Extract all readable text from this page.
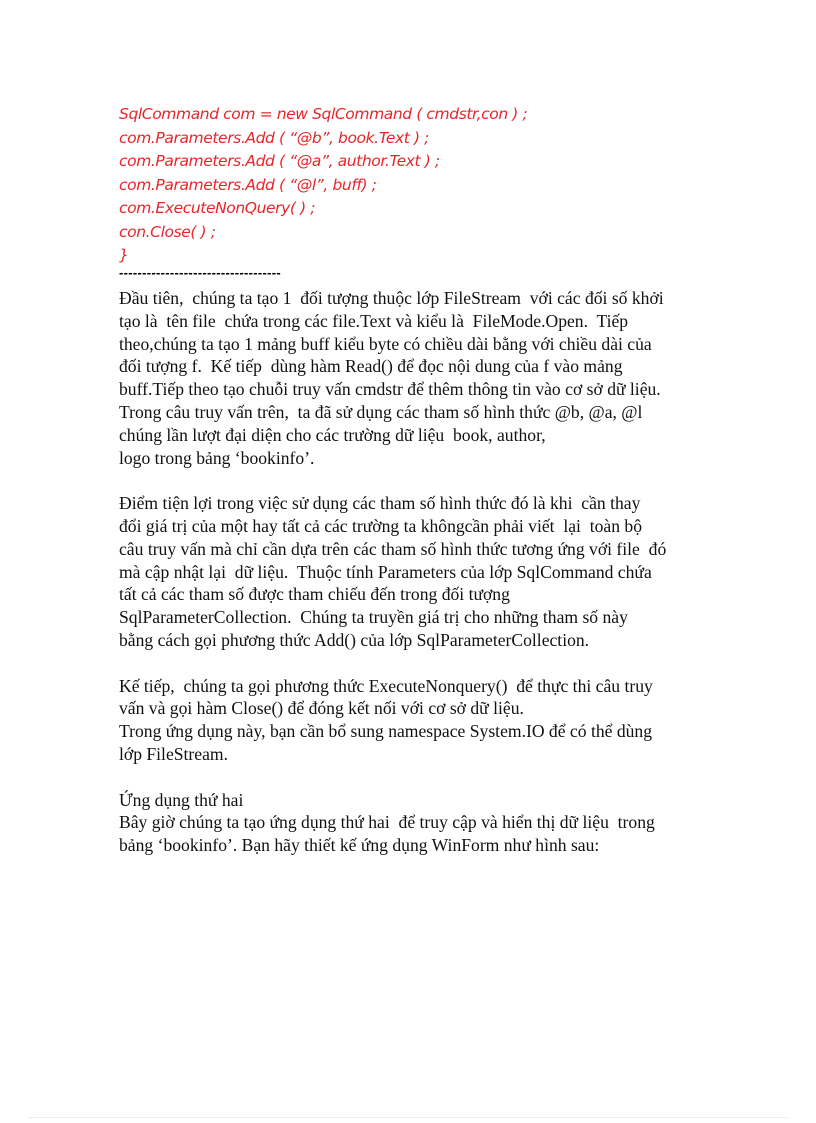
SqlCommand com = new SqlCommand ( cmdstr,con ) ;
com.Parameters.Add ( “@b”, book.Text ) ;
com.Parameters.Add ( “@a”, author.Text ) ;
com.Parameters.Add ( “@l”, buff) ;
com.ExecuteNonQuery( ) ;
con.Close( ) ;
}
-----------------------------------
Đầu tiên,  chúng ta tạo 1  đối tượng thuộc lớp FileStream  với các đối số khởi
tạo là  tên file  chứa trong các file.Text và kiểu là  FileMode.Open.  Tiếp
theo,chúng ta tạo 1 mảng buff kiểu byte có chiều dài bằng với chiều dài của
đối tượng f.  Kế tiếp  dùng hàm Read() để đọc nội dung của f vào mảng
buff.Tiếp theo tạo chuỗi truy vấn cmdstr để thêm thông tin vào cơ sở dữ liệu.
Trong câu truy vấn trên,  ta đã sử dụng các tham số hình thức @b, @a, @l
chúng lần lượt đại diện cho các trường dữ liệu  book, author,
logo trong bảng ‘bookinfo’.
Điểm tiện lợi trong việc sử dụng các tham số hình thức đó là khi  cần thay
đổi giá trị của một hay tất cả các trường ta khôngcần phải viết  lại  toàn bộ
câu truy vấn mà chỉ cần dựa trên các tham số hình thức tương ứng với file  đó
mà cập nhật lại  dữ liệu.  Thuộc tính Parameters của lớp SqlCommand chứa
tất cả các tham số được tham chiếu đến trong đối tượng
SqlParameterCollection.  Chúng ta truyền giá trị cho những tham số này
bằng cách gọi phương thức Add() của lớp SqlParameterCollection.
Kế tiếp,  chúng ta gọi phương thức ExecuteNonquery()  để thực thi câu truy
vấn và gọi hàm Close() để đóng kết nối với cơ sở dữ liệu.
Trong ứng dụng này, bạn cần bổ sung namespace System.IO để có thể dùng
lớp FileStream.
Ứng dụng thứ hai
Bây giờ chúng ta tạo ứng dụng thứ hai  để truy cập và hiển thị dữ liệu  trong
bảng ‘bookinfo’. Bạn hãy thiết kế ứng dụng WinForm như hình sau:
